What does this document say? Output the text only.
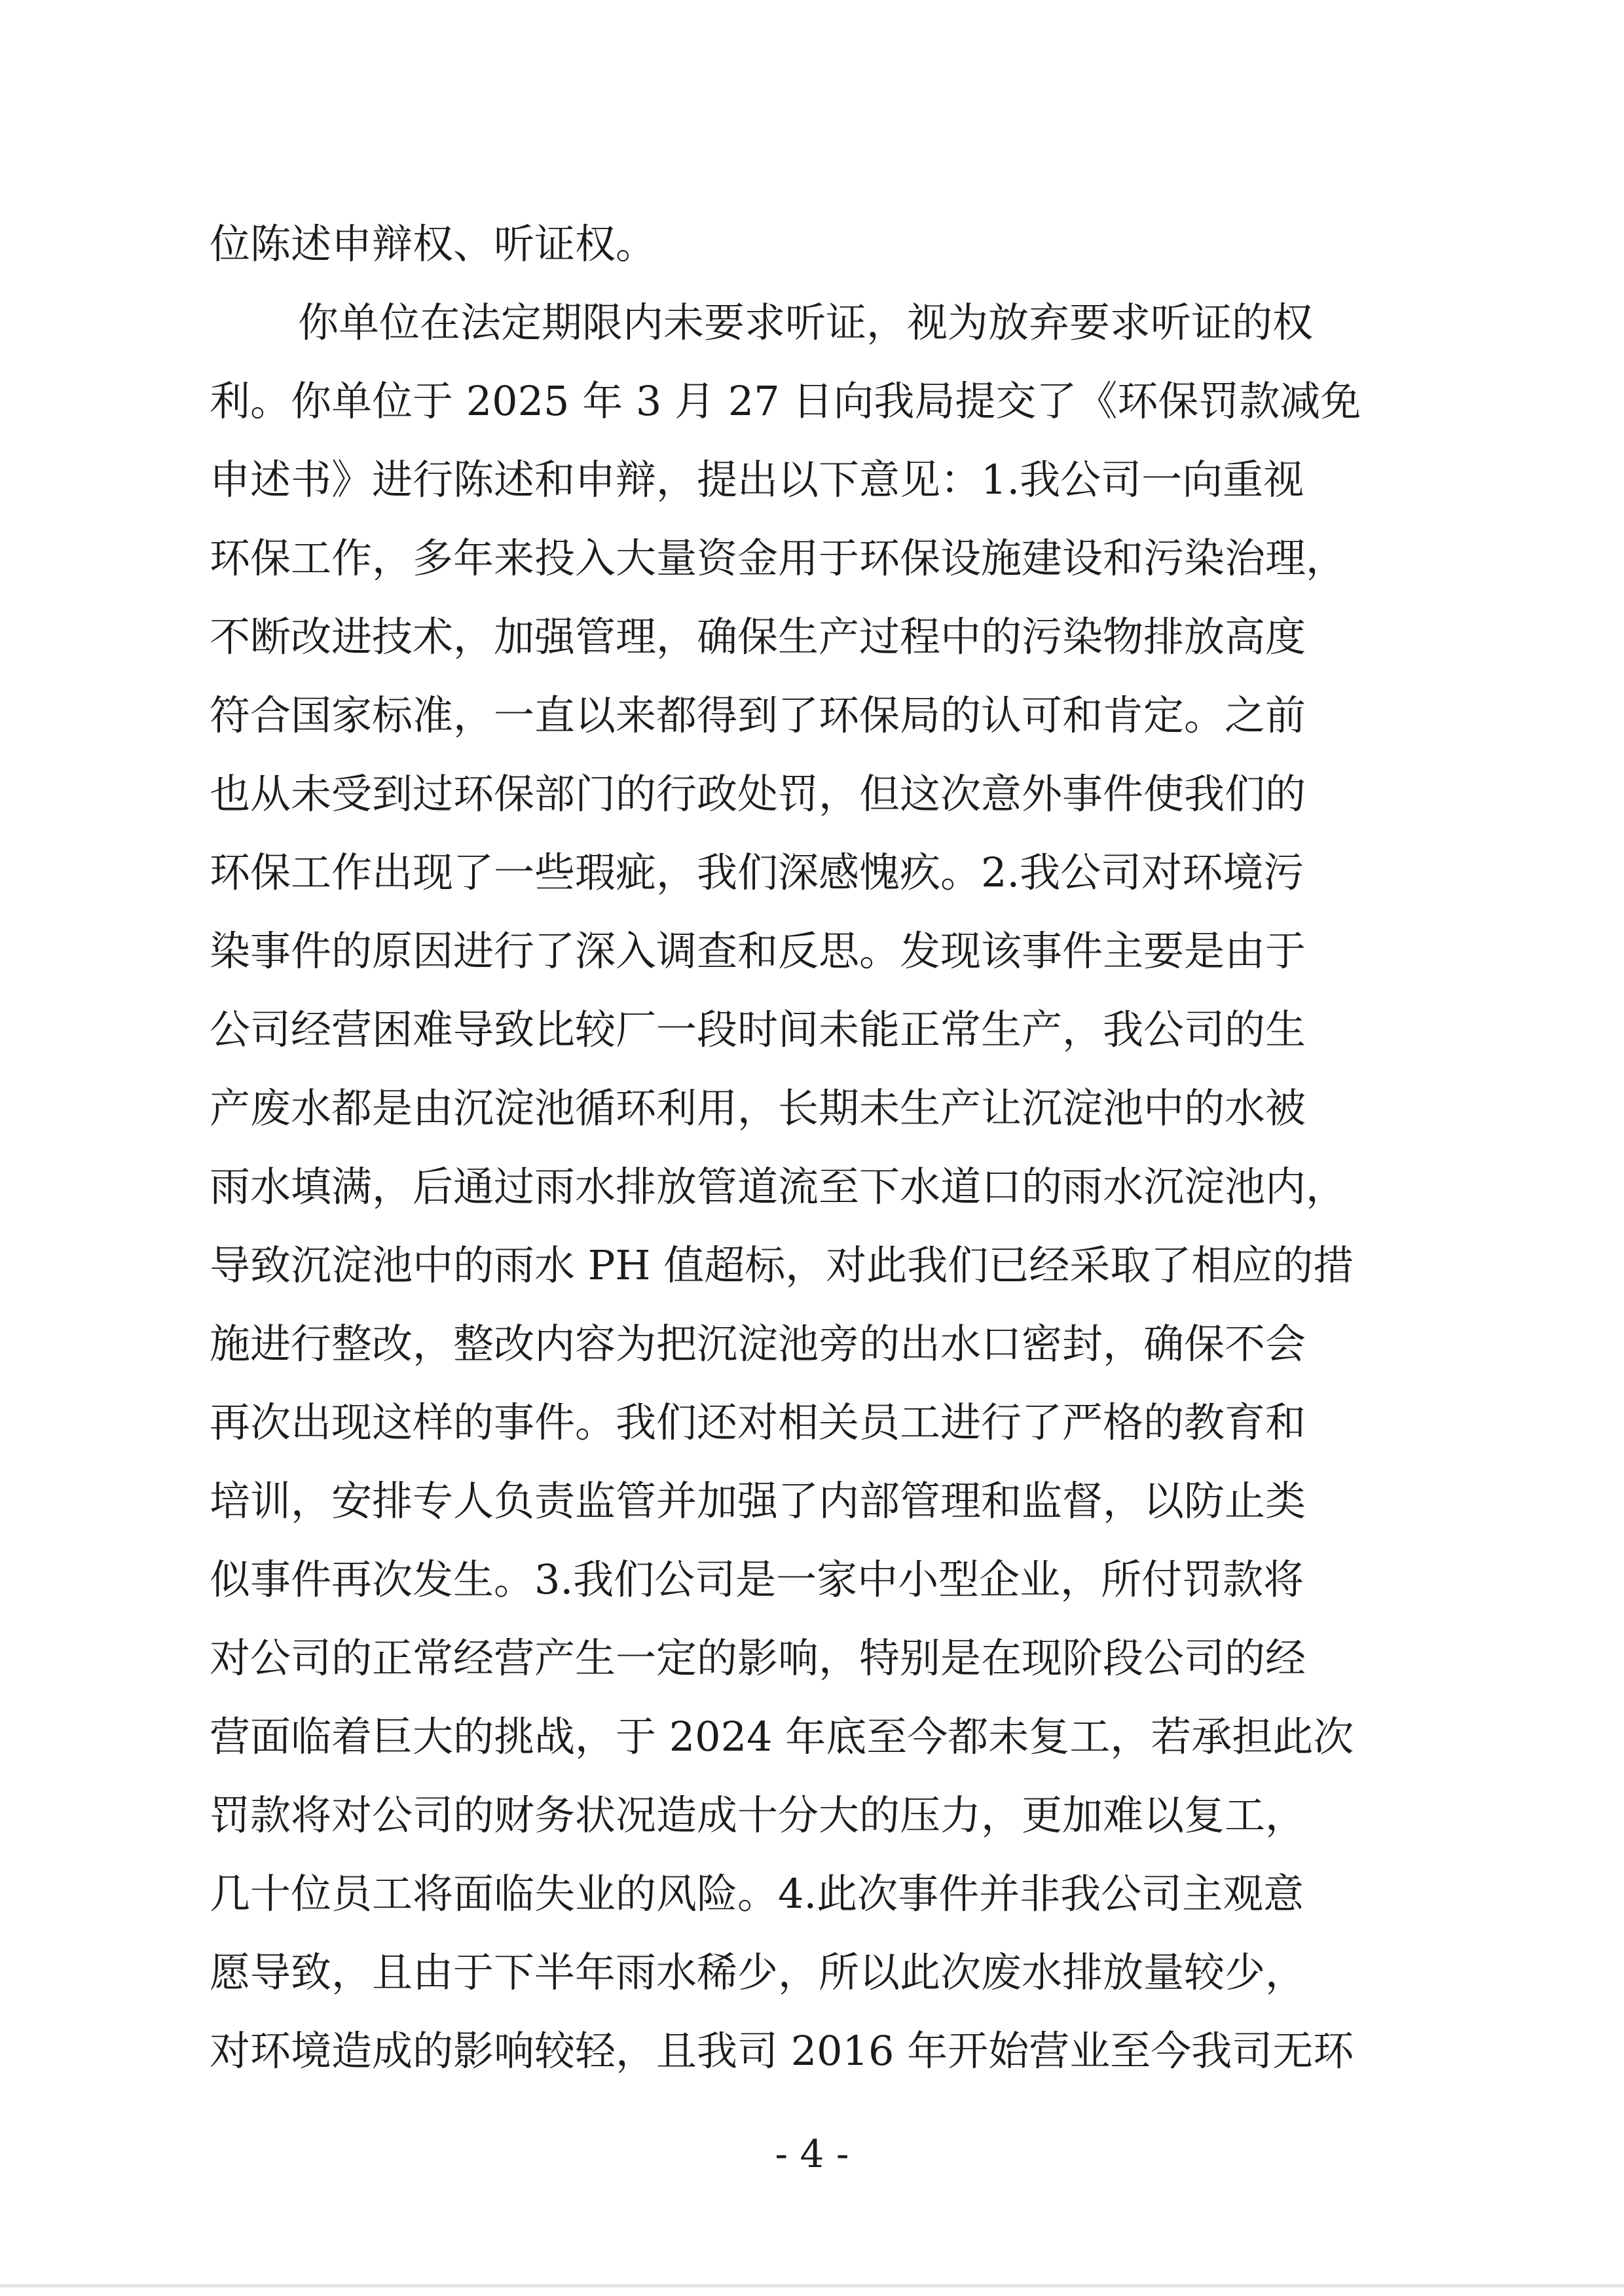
位陈述申辩权、听证权。
你单位在法定期限内未要求听证，视为放弃要求听证的权
利。你单位于 2025 年 3 月 27 日向我局提交了《环保罚款减免
申述书》进行陈述和申辩，提出以下意见：1.我公司一向重视
环保工作，多年来投入大量资金用于环保设施建设和污染治理，
不断改进技术，加强管理，确保生产过程中的污染物排放高度
符合国家标准，一直以来都得到了环保局的认可和肯定。之前
也从未受到过环保部门的行政处罚，但这次意外事件使我们的
环保工作出现了一些瑕疵，我们深感愧疚。2.我公司对环境污
染事件的原因进行了深入调查和反思。发现该事件主要是由于
公司经营困难导致比较厂一段时间未能正常生产，我公司的生
产废水都是由沉淀池循环利用，长期未生产让沉淀池中的水被
雨水填满，后通过雨水排放管道流至下水道口的雨水沉淀池内，
导致沉淀池中的雨水 PH 值超标，对此我们已经采取了相应的措
施进行整改，整改内容为把沉淀池旁的出水口密封，确保不会
再次出现这样的事件。我们还对相关员工进行了严格的教育和
培训，安排专人负责监管并加强了内部管理和监督，以防止类
似事件再次发生。3.我们公司是一家中小型企业，所付罚款将
对公司的正常经营产生一定的影响，特别是在现阶段公司的经
营面临着巨大的挑战，于 2024 年底至今都未复工，若承担此次
罚款将对公司的财务状况造成十分大的压力，更加难以复工，
几十位员工将面临失业的风险。4.此次事件并非我公司主观意
愿导致，且由于下半年雨水稀少，所以此次废水排放量较少，
对环境造成的影响较轻，且我司 2016 年开始营业至今我司无环
- 4 -
